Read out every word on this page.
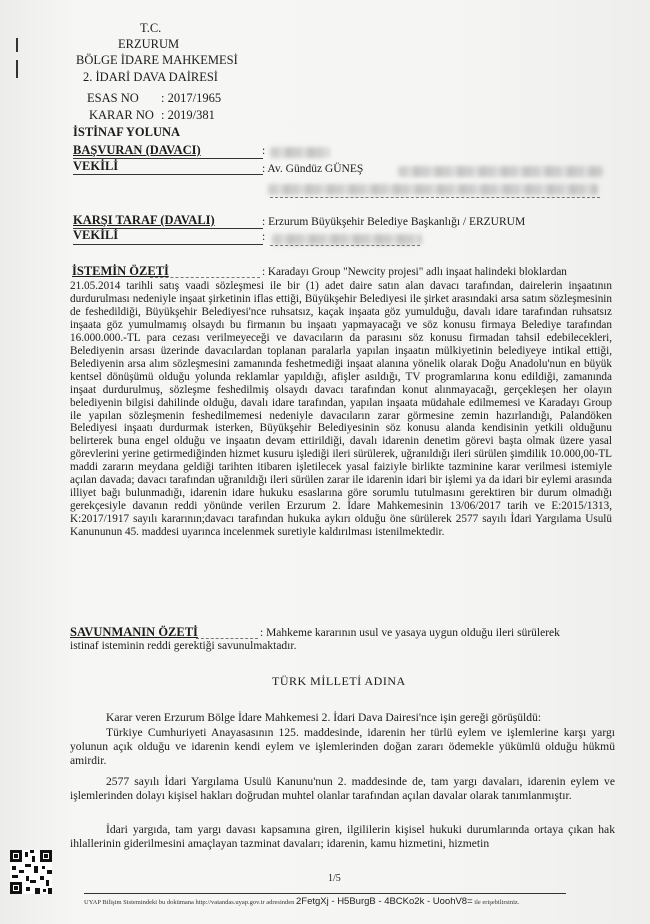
T.C.
ERZURUM
BÖLGE İDARE MAHKEMESİ
2. İDARİ DAVA DAİRESİ
ESAS NO : 2017/1965
KARAR NO : 2019/381
İSTİNAF YOLUNA
BAŞVURAN (DAVACI)	:
VEKİLİ	: Av. Gündüz GÜNEŞ
KARŞI TARAF (DAVALI)	: Erzurum Büyükşehir Belediye Başkanlığı / ERZURUM
VEKİLİ	:
İSTEMİN ÖZETİ	: Karadayı Group "Newcity projesi" adlı inşaat halindeki bloklardan
21.05.2014 tarihli satış vaadi sözleşmesi ile bir (1) adet daire satın alan davacı tarafından, dairelerin inşaatının durdurulması nedeniyle inşaat şirketinin iflas ettiği, Büyükşehir Belediyesi ile şirket arasındaki arsa satım sözleşmesinin de feshedildiği, Büyükşehir Belediyesi'nce ruhsatsız, kaçak inşaata göz yumulduğu, davalı idare tarafından ruhsatsız inşaata göz yumulmamış olsaydı bu firmanın bu inşaatı yapmayacağı ve söz konusu firmaya Belediye tarafından 16.000.000.-TL para cezası verilmeyeceği ve davacıların da parasını söz konusu firmadan tahsil edebilecekleri, Belediyenin arsası üzerinde davacılardan toplanan paralarla yapılan inşaatın mülkiyetinin belediyeye intikal ettiği, Belediyenin arsa alım sözleşmesini zamanında feshetmediği inşaat alanına yönelik olarak Doğu Anadolu'nun en büyük kentsel dönüşümü olduğu yolunda reklamlar yapıldığı, afişler asıldığı, TV programlarına konu edildiği, zamanında inşaat durdurulmuş, sözleşme feshedilmiş olsaydı davacı tarafından konut alınmayacağı, gerçekleşen her olayın belediyenin bilgisi dahilinde olduğu, davalı idare tarafından, yapılan inşaata müdahale edilmemesi ve Karadayı Group ile yapılan sözleşmenin feshedilmemesi nedeniyle davacıların zarar görmesine zemin hazırlandığı, Palandöken Belediyesi inşaatı durdurmak isterken, Büyükşehir Belediyesinin söz konusu alanda kendisinin yetkili olduğunu belirterek buna engel olduğu ve inşaatın devam ettirildiği, davalı idarenin denetim görevi başta olmak üzere yasal görevlerini yerine getirmediğinden hizmet kusuru işlediği ileri sürülerek, uğranıldığı ileri sürülen şimdilik 10.000,00-TL maddi zararın meydana geldiği tarihten itibaren işletilecek yasal faiziyle birlikte tazminine karar verilmesi istemiyle açılan davada; davacı tarafından uğranıldığı ileri sürülen zarar ile idarenin idari bir işlemi ya da idari bir eylemi arasında illiyet bağı bulunmadığı, idarenin idare hukuku esaslarına göre sorumlu tutulmasını gerektiren bir durum olmadığı gerekçesiyle davanın reddi yönünde verilen Erzurum 2. İdare Mahkemesinin 13/06/2017 tarih ve E:2015/1313, K:2017/1917 sayılı kararının;davacı tarafından hukuka aykırı olduğu öne sürülerek 2577 sayılı İdari Yargılama Usulü Kanununun 45. maddesi uyarınca incelenmek suretiyle kaldırılması istenilmektedir.
SAVUNMANIN ÖZETİ	: Mahkeme kararının usul ve yasaya uygun olduğu ileri sürülerek
istinaf isteminin reddi gerektiği savunulmaktadır.
TÜRK MİLLETİ ADINA
Karar veren Erzurum Bölge İdare Mahkemesi 2. İdari Dava Dairesi'nce işin gereği görüşüldü:
Türkiye Cumhuriyeti Anayasasının 125. maddesinde, idarenin her türlü eylem ve işlemlerine karşı yargı yolunun açık olduğu ve idarenin kendi eylem ve işlemlerinden doğan zararı ödemekle yükümlü olduğu hükmü amirdir.
2577 sayılı İdari Yargılama Usulü Kanunu'nun 2. maddesinde de, tam yargı davaları, idarenin eylem ve işlemlerinden dolayı kişisel hakları doğrudan muhtel olanlar tarafından açılan davalar olarak tanımlanmıştır.
İdari yargıda, tam yargı davası kapsamına giren, ilgililerin kişisel hukuki durumlarında ortaya çıkan hak ihlallerinin giderilmesini amaçlayan tazminat davaları; idarenin, kamu hizmetini, hizmetin
1/5
UYAP Bilişim Sistemindeki bu dokümana http://vatandas.uyap.gov.tr adresinden 2FetgXj - H5BurgB - 4BCKo2k - UoohV8= ile erişebilirsiniz.
